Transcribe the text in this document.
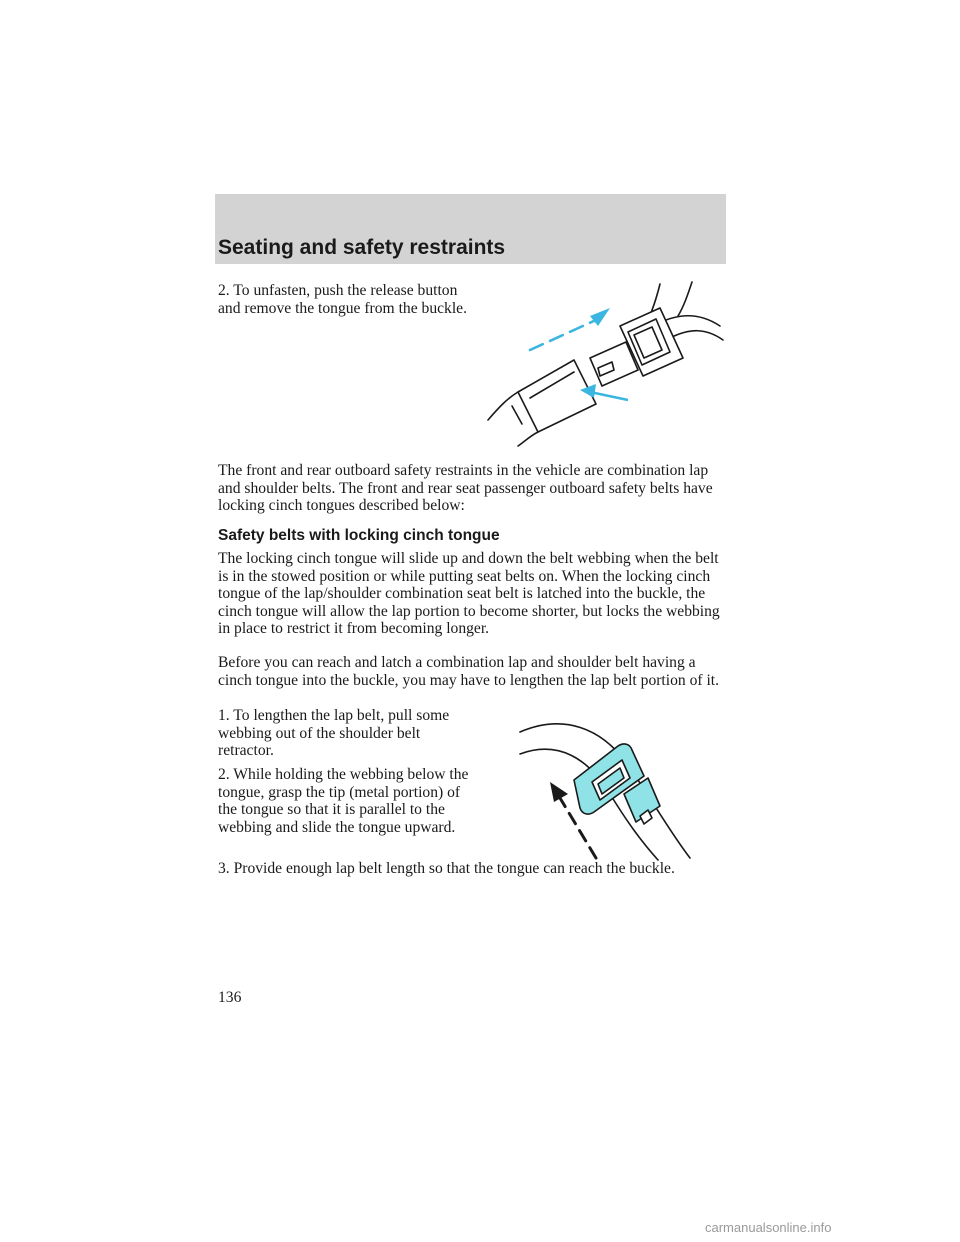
Seating and safety restraints

2. To unfasten, push the release button and remove the tongue from the buckle.

The front and rear outboard safety restraints in the vehicle are combination lap and shoulder belts. The front and rear seat passenger outboard safety belts have locking cinch tongues described below:

Safety belts with locking cinch tongue

The locking cinch tongue will slide up and down the belt webbing when the belt is in the stowed position or while putting seat belts on. When the locking cinch tongue of the lap/shoulder combination seat belt is latched into the buckle, the cinch tongue will allow the lap portion to become shorter, but locks the webbing in place to restrict it from becoming longer.

Before you can reach and latch a combination lap and shoulder belt having a cinch tongue into the buckle, you may have to lengthen the lap belt portion of it.

1. To lengthen the lap belt, pull some webbing out of the shoulder belt retractor.

2. While holding the webbing below the tongue, grasp the tip (metal portion) of the tongue so that it is parallel to the webbing and slide the tongue upward.

3. Provide enough lap belt length so that the tongue can reach the buckle.

136
carmanualsonline.info
